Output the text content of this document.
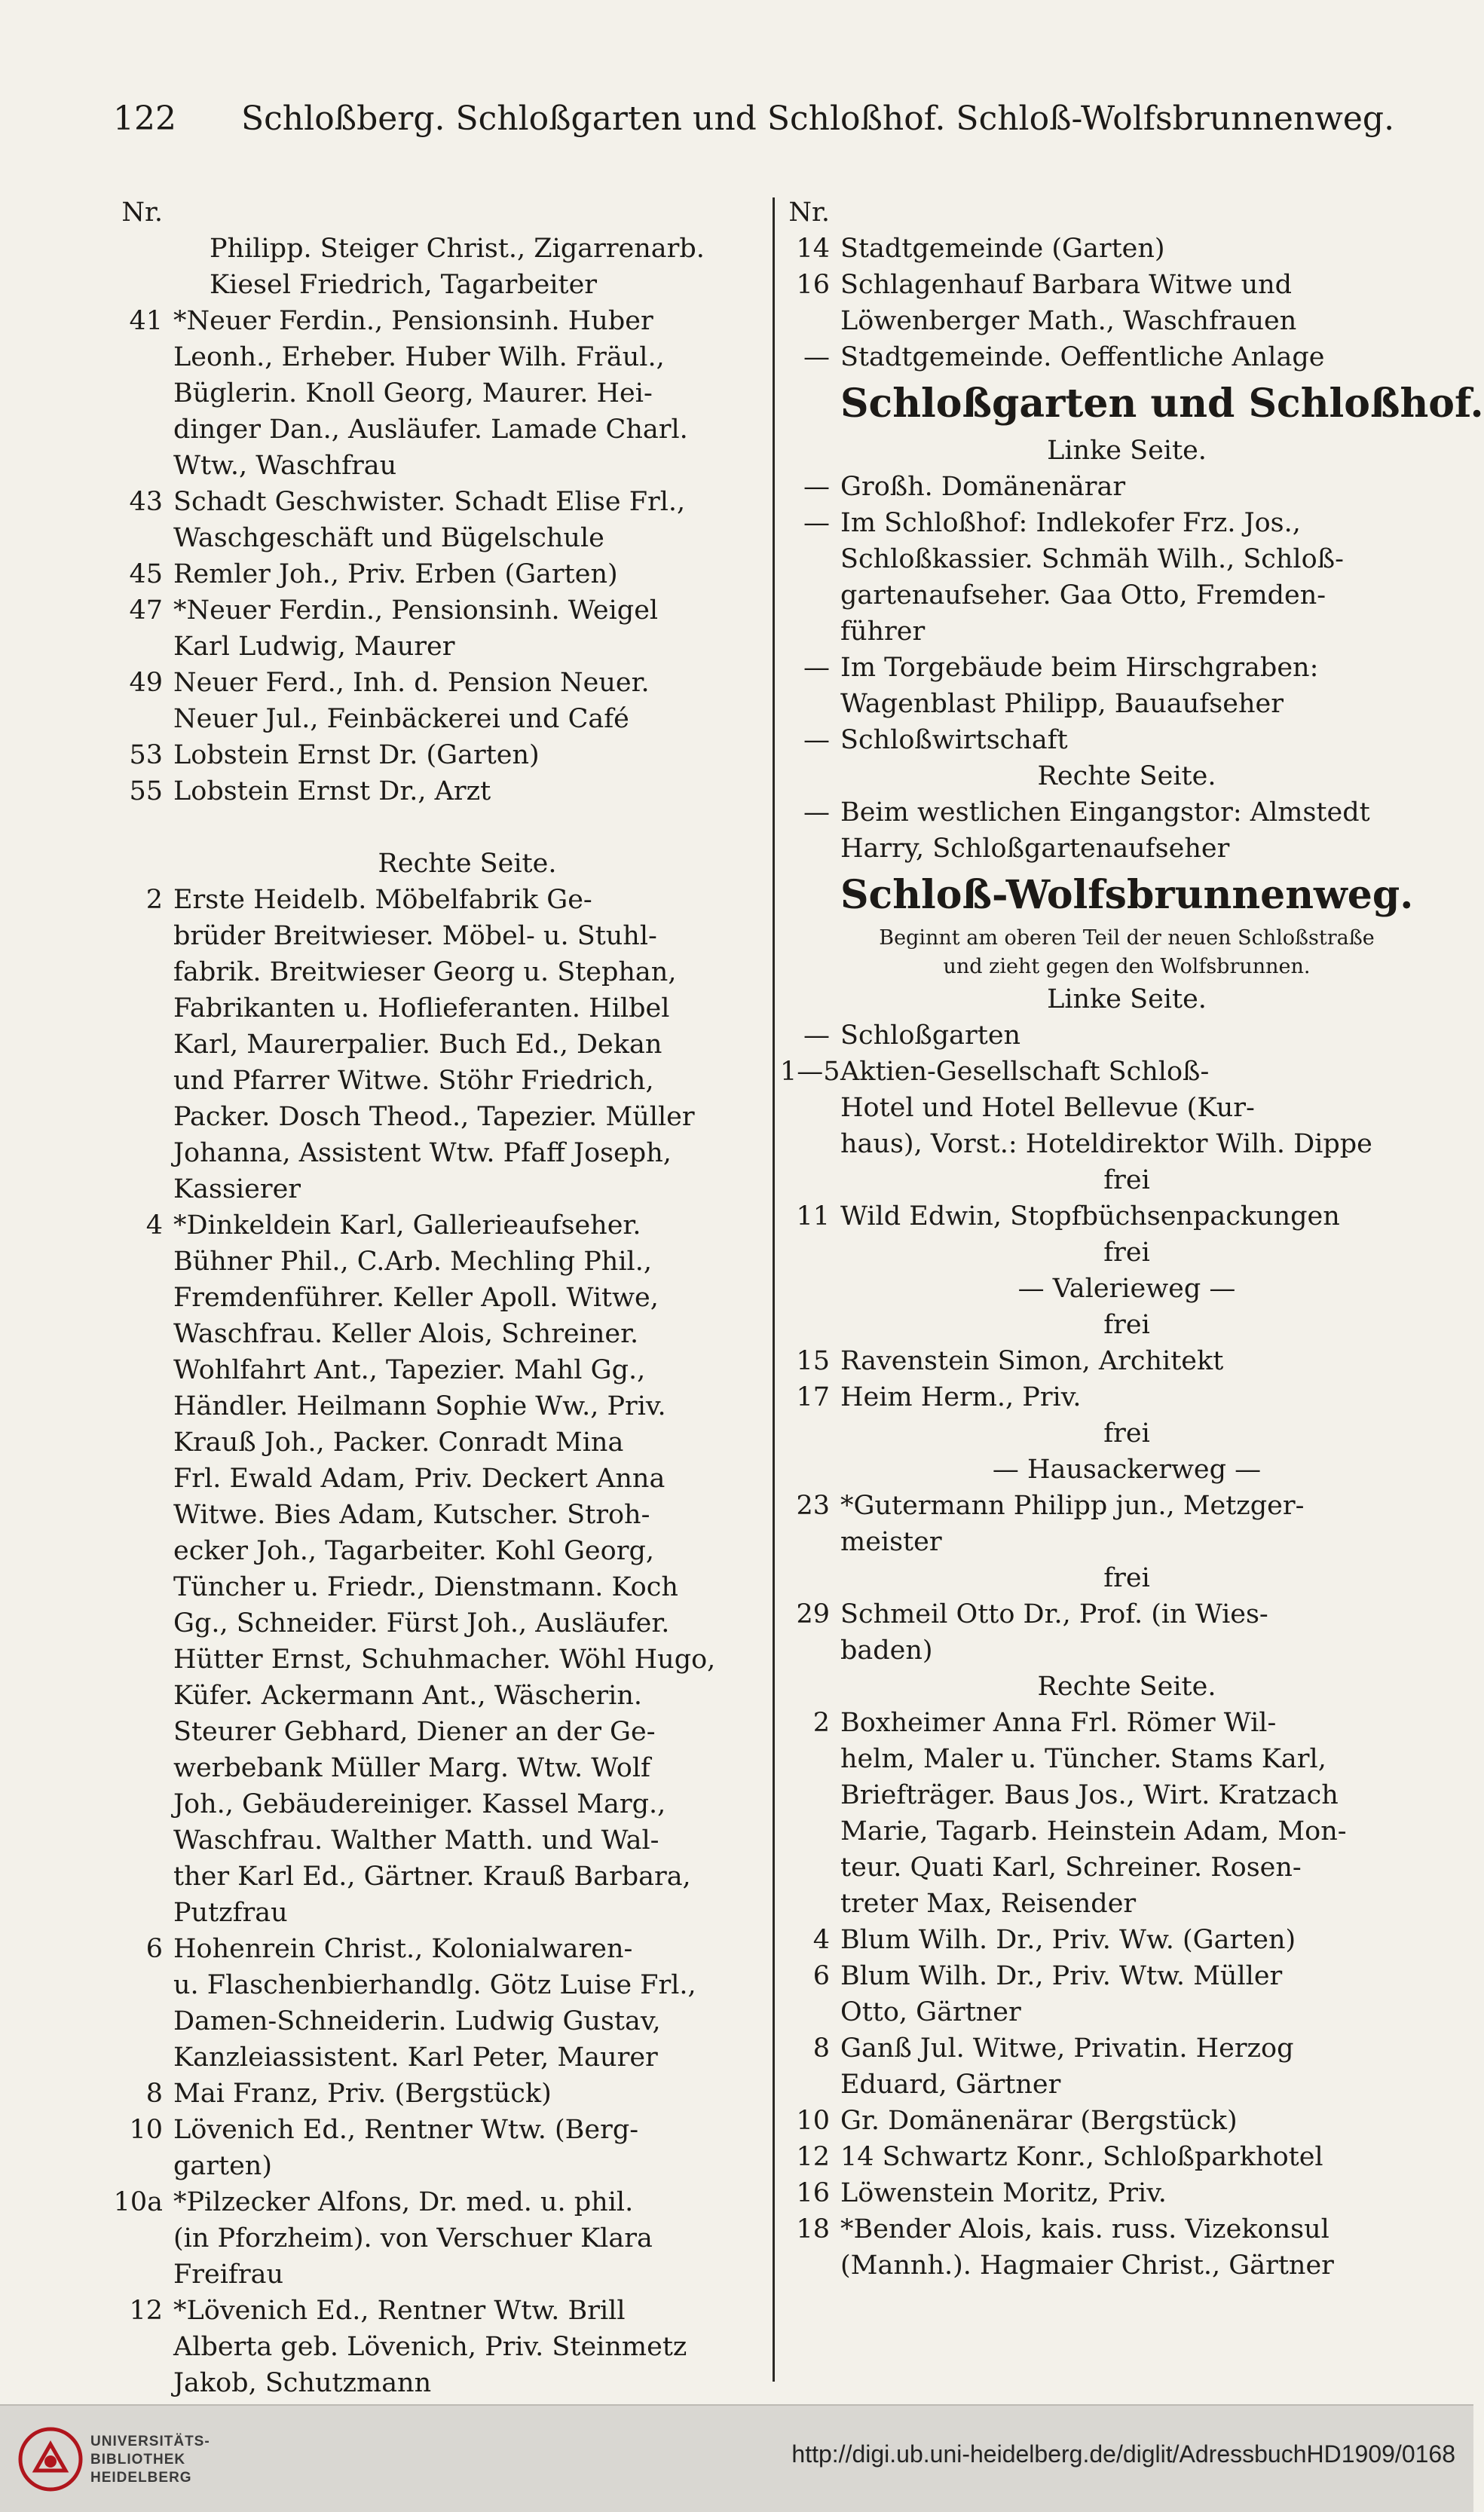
122 Schloßberg. Schloßgarten und Schloßhof. Schloß-Wolfsbrunnenweg.
Nr.
Philipp. Steiger Christ., Zigarrenarb.
Kiesel Friedrich, Tagarbeiter
41 *Neuer Ferdin., Pensionsinh. Huber
Leonh., Erheber. Huber Wilh. Fräul.,
Büglerin. Knoll Georg, Maurer. Hei-
dinger Dan., Ausläufer. Lamade Charl.
Wtw., Waschfrau
43 Schadt Geschwister. Schadt Elise Frl.,
Waschgeschäft und Bügelschule
45 Remler Joh., Priv. Erben (Garten)
47 *Neuer Ferdin., Pensionsinh. Weigel
Karl Ludwig, Maurer
49 Neuer Ferd., Inh. d. Pension Neuer.
Neuer Jul., Feinbäckerei und Café
53 Lobstein Ernst Dr. (Garten)
55 Lobstein Ernst Dr., Arzt
Rechte Seite.
2 Erste Heidelb. Möbelfabrik Ge-
brüder Breitwieser. Möbel- u. Stuhl-
fabrik. Breitwieser Georg u. Stephan,
Fabrikanten u. Hoflieferanten. Hilbel
Karl, Maurerpalier. Buch Ed., Dekan
und Pfarrer Witwe. Stöhr Friedrich,
Packer. Dosch Theod., Tapezier. Müller
Johanna, Assistent Wtw. Pfaff Joseph,
Kassierer
4 *Dinkeldein Karl, Gallerieaufseher.
Bühner Phil., C.Arb. Mechling Phil.,
Fremdenführer. Keller Apoll. Witwe,
Waschfrau. Keller Alois, Schreiner.
Wohlfahrt Ant., Tapezier. Mahl Gg.,
Händler. Heilmann Sophie Ww., Priv.
Krauß Joh., Packer. Conradt Mina
Frl. Ewald Adam, Priv. Deckert Anna
Witwe. Bies Adam, Kutscher. Stroh-
ecker Joh., Tagarbeiter. Kohl Georg,
Tüncher u. Friedr., Dienstmann. Koch
Gg., Schneider. Fürst Joh., Ausläufer.
Hütter Ernst, Schuhmacher. Wöhl Hugo,
Küfer. Ackermann Ant., Wäscherin.
Steurer Gebhard, Diener an der Ge-
werbebank Müller Marg. Wtw. Wolf
Joh., Gebäudereiniger. Kassel Marg.,
Waschfrau. Walther Matth. und Wal-
ther Karl Ed., Gärtner. Krauß Barbara,
Putzfrau
6 Hohenrein Christ., Kolonialwaren-
u. Flaschenbierhandlg. Götz Luise Frl.,
Damen-Schneiderin. Ludwig Gustav,
Kanzleiassistent. Karl Peter, Maurer
8 Mai Franz, Priv. (Bergstück)
10 Lövenich Ed., Rentner Wtw. (Berg-
garten)
10a *Pilzecker Alfons, Dr. med. u. phil.
(in Pforzheim). von Verschuer Klara
Freifrau
12 *Lövenich Ed., Rentner Wtw. Brill
Alberta geb. Lövenich, Priv. Steinmetz
Jakob, Schutzmann
Nr.
14 Stadtgemeinde (Garten)
16 Schlagenhauf Barbara Witwe und
Löwenberger Math., Waschfrauen
— Stadtgemeinde. Oeffentliche Anlage
Schloßgarten und Schloßhof.
Linke Seite.
— Großh. Domänenärar
— Im Schloßhof: Indlekofer Frz. Jos.,
Schloßkassier. Schmäh Wilh., Schloß-
gartenaufseher. Gaa Otto, Fremden-
führer
— Im Torgebäude beim Hirschgraben:
Wagenblast Philipp, Bauaufseher
— Schloßwirtschaft
Rechte Seite.
— Beim westlichen Eingangstor: Almstedt
Harry, Schloßgartenaufseher
Schloß-Wolfsbrunnenweg.
Beginnt am oberen Teil der neuen Schloßstraße
und zieht gegen den Wolfsbrunnen.
Linke Seite.
— Schloßgarten
1—5 Aktien-Gesellschaft Schloß-
Hotel und Hotel Bellevue (Kur-
haus), Vorst.: Hoteldirektor Wilh. Dippe
frei
11 Wild Edwin, Stopfbüchsenpackungen
frei
— Valerieweg —
frei
15 Ravenstein Simon, Architekt
17 Heim Herm., Priv.
frei
— Hausackerweg —
23 *Gutermann Philipp jun., Metzger-
meister
frei
29 Schmeil Otto Dr., Prof. (in Wies-
baden)
Rechte Seite.
2 Boxheimer Anna Frl. Römer Wil-
helm, Maler u. Tüncher. Stams Karl,
Briefträger. Baus Jos., Wirt. Kratzach
Marie, Tagarb. Heinstein Adam, Mon-
teur. Quati Karl, Schreiner. Rosen-
treter Max, Reisender
4 Blum Wilh. Dr., Priv. Ww. (Garten)
6 Blum Wilh. Dr., Priv. Wtw. Müller
Otto, Gärtner
8 Ganß Jul. Witwe, Privatin. Herzog
Eduard, Gärtner
10 Gr. Domänenärar (Bergstück)
12 14 Schwartz Konr., Schloßparkhotel
16 Löwenstein Moritz, Priv.
18 *Bender Alois, kais. russ. Vizekonsul
(Mannh.). Hagmaier Christ., Gärtner
UNIVERSITÄTS-
BIBLIOTHEK
HEIDELBERG
http://digi.ub.uni-heidelberg.de/diglit/AdressbuchHD1909/0168
